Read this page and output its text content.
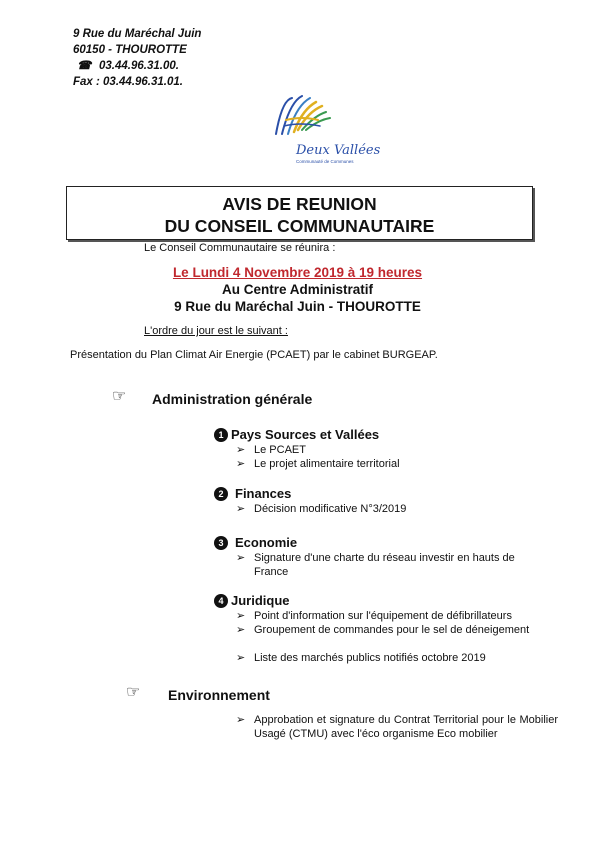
9 Rue du Maréchal Juin
60150 - THOUROTTE
☎ 03.44.96.31.00.
Fax : 03.44.96.31.01.
Deux Vallées
Communauté de Communes
AVIS DE REUNION
DU CONSEIL COMMUNAUTAIRE
Le Conseil Communautaire se réunira :
Le Lundi 4 Novembre 2019 à 19 heures
Au Centre Administratif
9 Rue du Maréchal Juin - THOUROTTE
L'ordre du jour est le suivant :
Présentation du Plan Climat Air Energie (PCAET) par le cabinet BURGEAP.
☞ Administration générale
1 Pays Sources et Vallées
➢ Le PCAET
➢ Le projet alimentaire territorial
2 Finances
➢ Décision modificative N°3/2019
3 Economie
➢ Signature d'une charte du réseau investir en hauts de France
4 Juridique
➢ Point d'information sur l'équipement de défibrillateurs
➢ Groupement de commandes pour le sel de déneigement
➢ Liste des marchés publics notifiés octobre 2019
☞ Environnement
➢ Approbation et signature du Contrat Territorial pour le Mobilier Usagé (CTMU) avec l'éco organisme Eco mobilier
